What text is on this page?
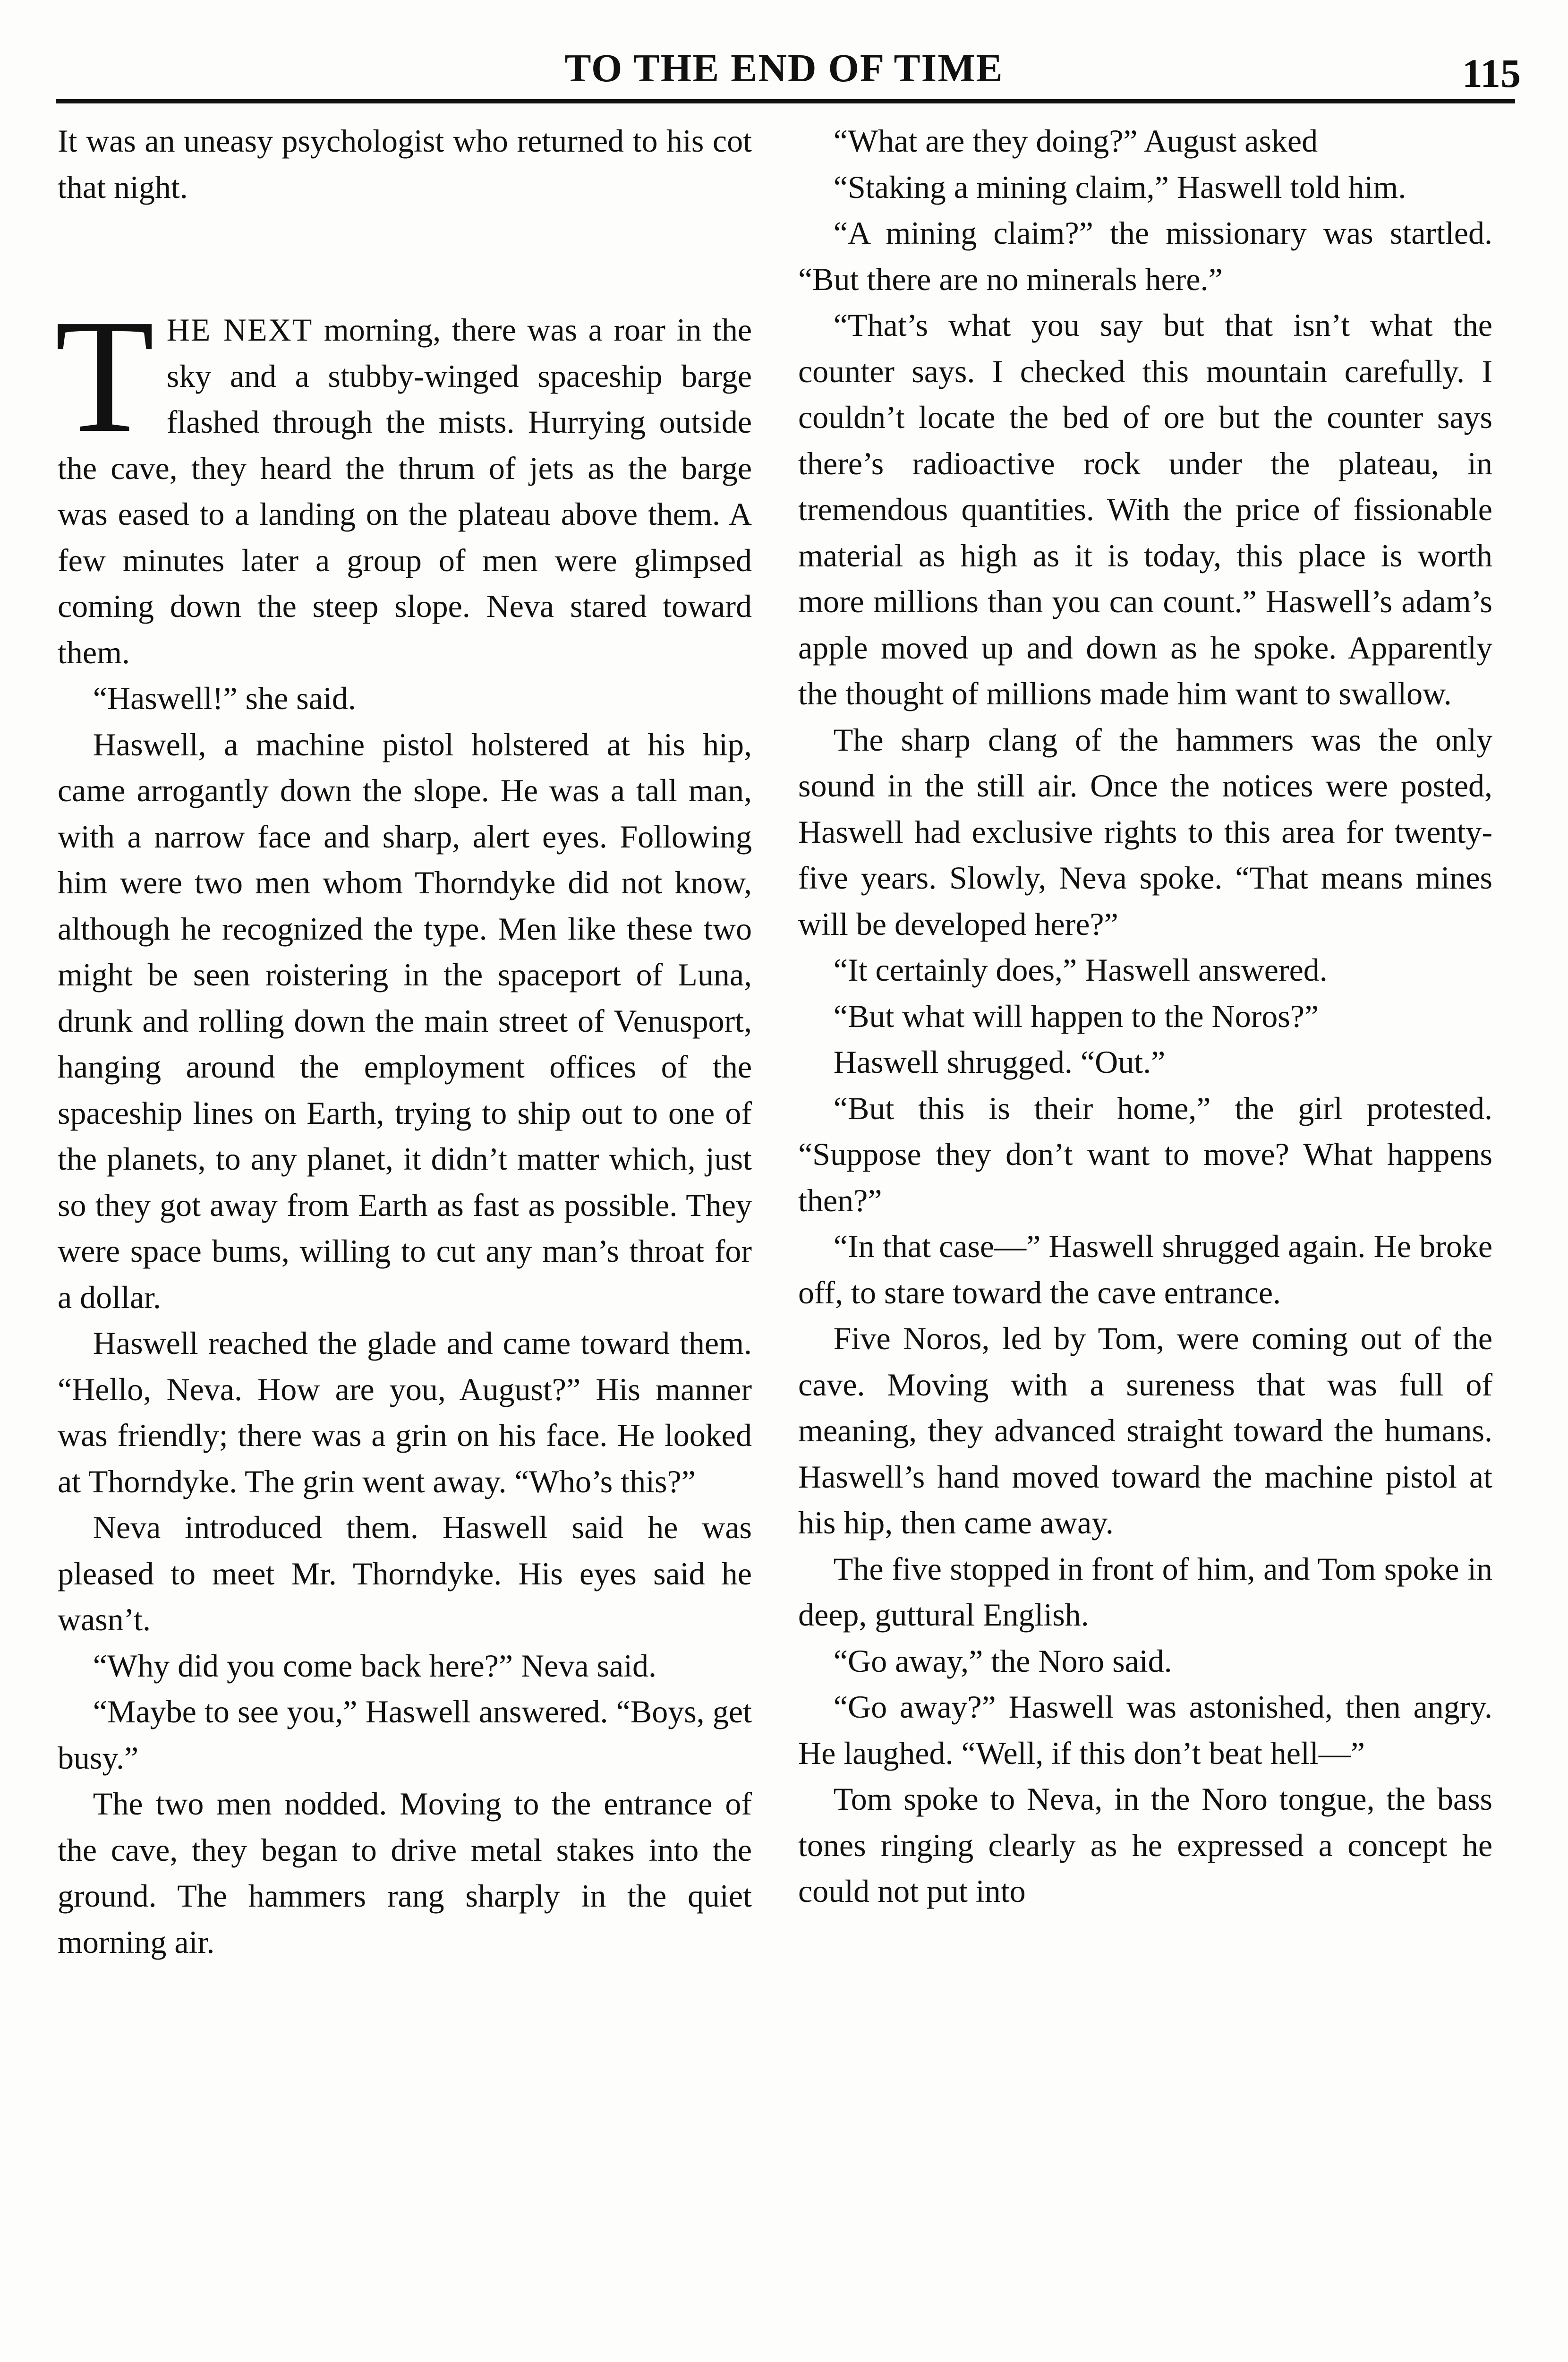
TO THE END OF TIME	115

It was an uneasy psychologist who returned to his cot that night.

THE NEXT morning, there was a roar in the sky and a stubby-winged spaceship barge flashed through the mists. Hurrying outside the cave, they heard the thrum of jets as the barge was eased to a landing on the plateau above them. A few minutes later a group of men were glimpsed coming down the steep slope. Neva stared toward them.

“Haswell!” she said.

Haswell, a machine pistol holstered at his hip, came arrogantly down the slope. He was a tall man, with a narrow face and sharp, alert eyes. Following him were two men whom Thorndyke did not know, although he recognized the type. Men like these two might be seen roistering in the spaceport of Luna, drunk and rolling down the main street of Venusport, hanging around the employment offices of the spaceship lines on Earth, trying to ship out to one of the planets, to any planet, it didn’t matter which, just so they got away from Earth as fast as possible. They were space bums, willing to cut any man’s throat for a dollar.

Haswell reached the glade and came toward them. “Hello, Neva. How are you, August?” His manner was friendly; there was a grin on his face. He looked at Thorndyke. The grin went away. “Who’s this?”

Neva introduced them. Haswell said he was pleased to meet Mr. Thorndyke. His eyes said he wasn’t.

“Why did you come back here?” Neva said.

“Maybe to see you,” Haswell answered. “Boys, get busy.”

The two men nodded. Moving to the entrance of the cave, they began to drive metal stakes into the ground. The hammers rang sharply in the quiet morning air.

“What are they doing?” August asked

“Staking a mining claim,” Haswell told him.

“A mining claim?” the missionary was startled. “But there are no minerals here.”

“That’s what you say but that isn’t what the counter says. I checked this mountain carefully. I couldn’t locate the bed of ore but the counter says there’s radioactive rock under the plateau, in tremendous quantities. With the price of fissionable material as high as it is today, this place is worth more millions than you can count.” Haswell’s adam’s apple moved up and down as he spoke. Apparently the thought of millions made him want to swallow.

The sharp clang of the hammers was the only sound in the still air. Once the notices were posted, Haswell had exclusive rights to this area for twenty-five years. Slowly, Neva spoke. “That means mines will be developed here?”

“It certainly does,” Haswell answered.

“But what will happen to the Noros?”

Haswell shrugged. “Out.”

“But this is their home,” the girl protested. “Suppose they don’t want to move? What happens then?”

“In that case—” Haswell shrugged again. He broke off, to stare toward the cave entrance.

Five Noros, led by Tom, were coming out of the cave. Moving with a sureness that was full of meaning, they advanced straight toward the humans. Haswell’s hand moved toward the machine pistol at his hip, then came away.

The five stopped in front of him, and Tom spoke in deep, guttural English.

“Go away,” the Noro said.

“Go away?” Haswell was astonished, then angry. He laughed. “Well, if this don’t beat hell—”

Tom spoke to Neva, in the Noro tongue, the bass tones ringing clearly as he expressed a concept he could not put into
